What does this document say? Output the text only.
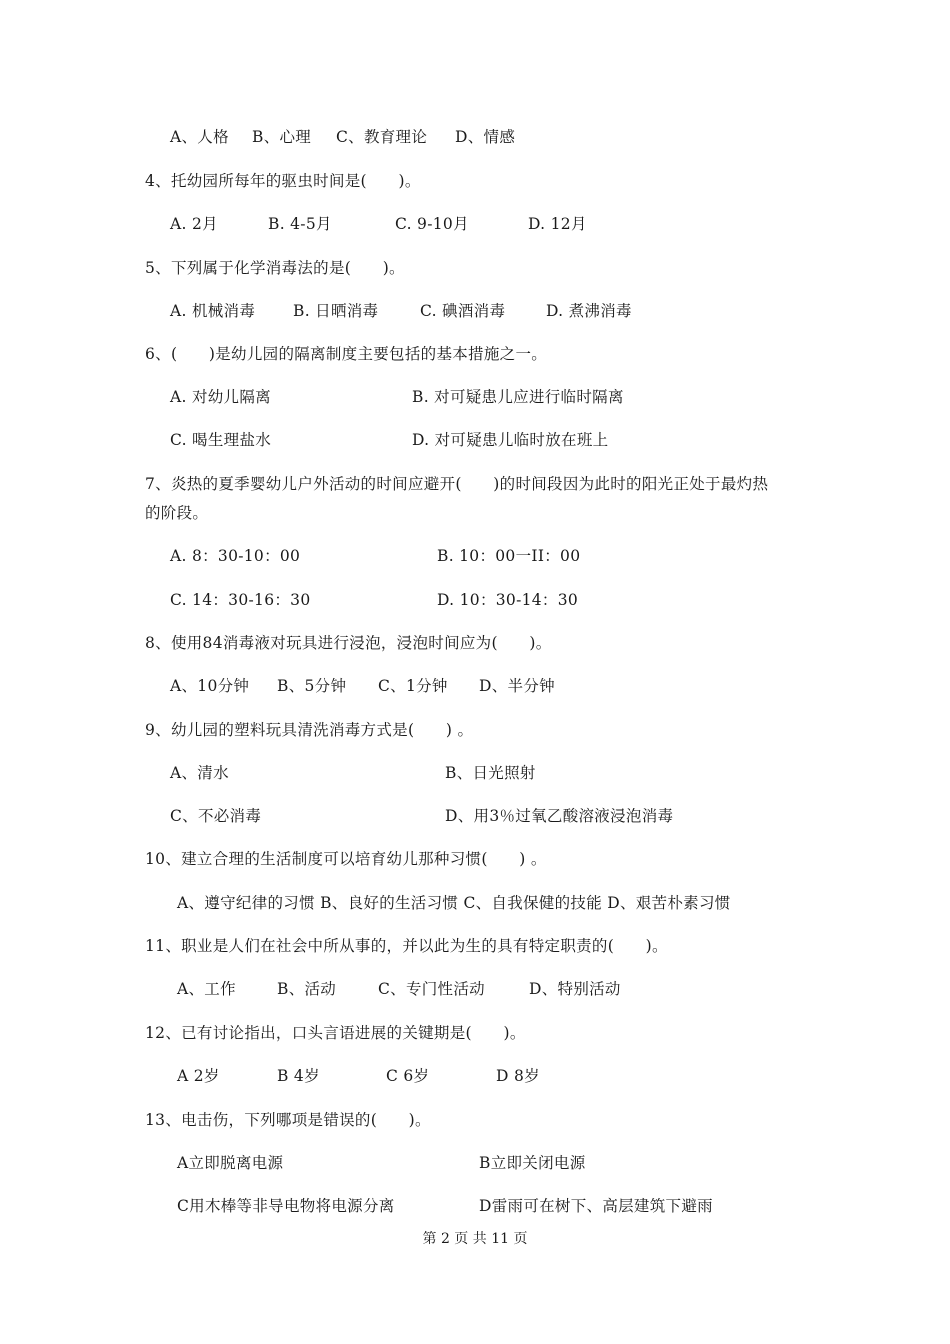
A、人格 B、心理 C、教育理论 D、情感
4、托幼园所每年的驱虫时间是(　　)。
A. 2月	B. 4-5月	C. 9-10月	D. 12月
5、下列属于化学消毒法的是(　　)。
A. 机械消毒 B. 日晒消毒	C. 碘酒消毒	D. 煮沸消毒
6、(　　)是幼儿园的隔离制度主要包括的基本措施之一。
A. 对幼儿隔离	B. 对可疑患儿应进行临时隔离
C. 喝生理盐水	D. 对可疑患儿临时放在班上
7、炎热的夏季婴幼儿户外活动的时间应避开(　　)的时间段因为此时的阳光正处于最灼热
的阶段。
A. 8：30-10：00	B. 10：00一II：00
C. 14：30-16：30	D. 10：30-14：30
8、使用84消毒液对玩具进行浸泡，浸泡时间应为(　　)。
A、10分钟 B、5分钟 C、1分钟 D、半分钟
9、幼儿园的塑料玩具清洗消毒方式是(　　) 。
A、清水	B、日光照射
C、不必消毒	D、用3％过氧乙酸溶液浸泡消毒
10、建立合理的生活制度可以培育幼儿那种习惯(　　) 。
A、遵守纪律的习惯 B、良好的生活习惯 C、自我保健的技能 D、艰苦朴素习惯
11、职业是人们在社会中所从事的，并以此为生的具有特定职责的(　　)。
A、工作	B、活动	C、专门性活动	D、特别活动
12、已有讨论指出，口头言语进展的关键期是(　　)。
A 2岁	B 4岁	C 6岁	D 8岁
13、电击伤，下列哪项是错误的(　　)。
A立即脱离电源	B立即关闭电源
C用木棒等非导电物将电源分离	D雷雨可在树下、高层建筑下避雨
第 2 页 共 11 页
